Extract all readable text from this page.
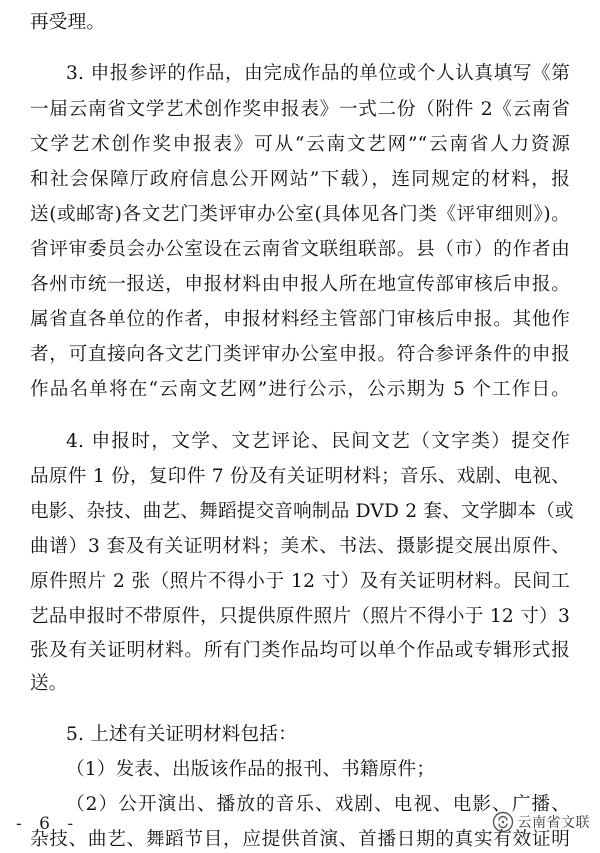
再受理。
3. 申报参评的作品，由完成作品的单位或个人认真填写《第
一届云南省文学艺术创作奖申报表》一式二份（附件 2《云南省
文学艺术创作奖申报表》可从“云南文艺网”“云南省人力资源
和社会保障厅政府信息公开网站”下载），连同规定的材料，报
送(或邮寄)各文艺门类评审办公室(具体见各门类《评审细则》)。
省评审委员会办公室设在云南省文联组联部。县（市）的作者由
各州市统一报送，申报材料由申报人所在地宣传部审核后申报。
属省直各单位的作者，申报材料经主管部门审核后申报。其他作
者，可直接向各文艺门类评审办公室申报。符合参评条件的申报
作品名单将在“云南文艺网”进行公示，公示期为 5 个工作日。
4. 申报时，文学、文艺评论、民间文艺（文字类）提交作
品原件 1 份，复印件 7 份及有关证明材料；音乐、戏剧、电视、
电影、杂技、曲艺、舞蹈提交音响制品 DVD 2 套、文学脚本（或
曲谱）3 套及有关证明材料；美术、书法、摄影提交展出原件、
原件照片 2 张（照片不得小于 12 寸）及有关证明材料。民间工
艺品申报时不带原件，只提供原件照片（照片不得小于 12 寸）3
张及有关证明材料。所有门类作品均可以单个作品或专辑形式报
送。
5. 上述有关证明材料包括：
（1）发表、出版该作品的报刊、书籍原件；
（2）公开演出、播放的音乐、戏剧、电视、电影、广播、
杂技、曲艺、舞蹈节目，应提供首演、首播日期的真实有效证明
- 6 -	云南省文联
